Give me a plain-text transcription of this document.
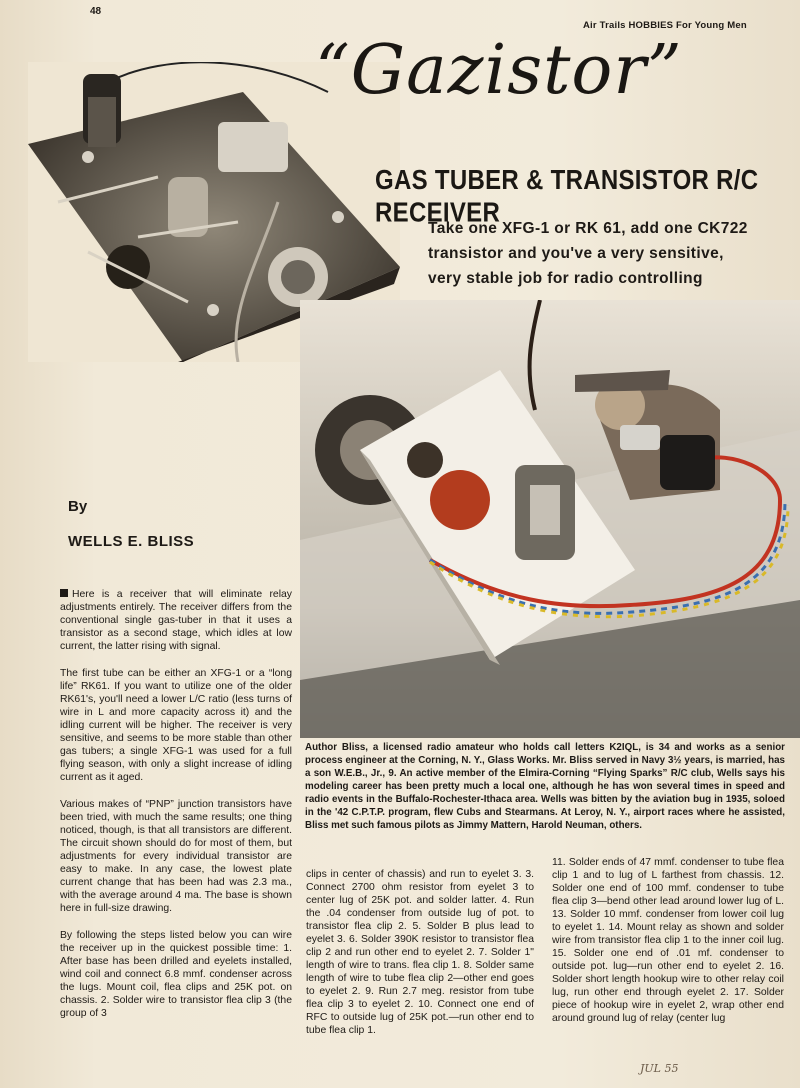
48
Air Trails HOBBIES For Young Men
“Gazistor”
GAS TUBER & TRANSISTOR R/C RECEIVER
Take one XFG-1 or RK 61, add one CK722
transistor and you've a very sensitive,
very stable job for radio controlling
By
WELLS E. BLISS

Here is a receiver that will eliminate relay adjustments entirely. The receiver differs from the conventional single gas-tuber in that it uses a transistor as a second stage, which idles at low current, the latter rising with signal.

The first tube can be either an XFG-1 or a “long life” RK61. If you want to utilize one of the older RK61's, you'll need a lower L/C ratio (less turns of wire in L and more capacity across it) and the idling current will be higher. The receiver is very sensitive, and seems to be more stable than other gas tubers; a single XFG-1 was used for a full flying season, with only a slight increase of idling current as it aged.

Various makes of “PNP” junction transistors have been tried, with much the same results; one thing noticed, though, is that all transistors are different. The circuit shown should do for most of them, but adjustments for every individual transistor are easy to make. In any case, the lowest plate current change that has been had was 2.3 ma., with the average around 4 ma. The base is shown here in full-size drawing.

By following the steps listed below you can wire the receiver up in the quickest possible time: 1. After base has been drilled and eyelets installed, wind coil and connect 6.8 mmf. condenser across the lugs. Mount coil, flea clips and 25K pot. on chassis. 2. Solder wire to transistor flea clip 3 (the group of 3

Author Bliss, a licensed radio amateur who holds call letters K2IQL, is 34 and works as a senior process engineer at the Corning, N. Y., Glass Works. Mr. Bliss served in Navy 3½ years, is married, has a son W.E.B., Jr., 9. An active member of the Elmira-Corning “Flying Sparks” R/C club, Wells says his modeling career has been pretty much a local one, although he has won several times in speed and radio events in the Buffalo-Rochester-Ithaca area. Wells was bitten by the aviation bug in 1935, soloed in the '42 C.P.T.P. program, flew Cubs and Stearmans. At Leroy, N. Y., airport races where he assisted, Bliss met such famous pilots as Jimmy Mattern, Harold Neuman, others.
clips in center of chassis) and run to eyelet 3. 3. Connect 2700 ohm resistor from eyelet 3 to center lug of 25K pot. and solder latter. 4. Run the .04 condenser from outside lug of pot. to transistor flea clip 2. 5. Solder B plus lead to eyelet 3. 6. Solder 390K resistor to transistor flea clip 2 and run other end to eyelet 2. 7. Solder 1" length of wire to trans. flea clip 1. 8. Solder same length of wire to tube flea clip 2—other end goes to eyelet 2. 9. Run 2.7 meg. resistor from tube flea clip 3 to eyelet 2. 10. Connect one end of RFC to outside lug of 25K pot.—run other end to tube flea clip 1.
11. Solder ends of 47 mmf. condenser to tube flea clip 1 and to lug of L farthest from chassis. 12. Solder one end of 100 mmf. condenser to tube flea clip 3—bend other lead around lower lug of L. 13. Solder 10 mmf. condenser from lower coil lug to eyelet 1. 14. Mount relay as shown and solder wire from transistor flea clip 1 to the inner coil lug. 15. Solder one end of .01 mf. condenser to outside pot. lug—run other end to eyelet 2. 16. Solder short length hookup wire to other relay coil lug, run other end through eyelet 2. 17. Solder piece of hookup wire in eyelet 2, wrap other end around ground lug of relay (center lug
JUL 55
